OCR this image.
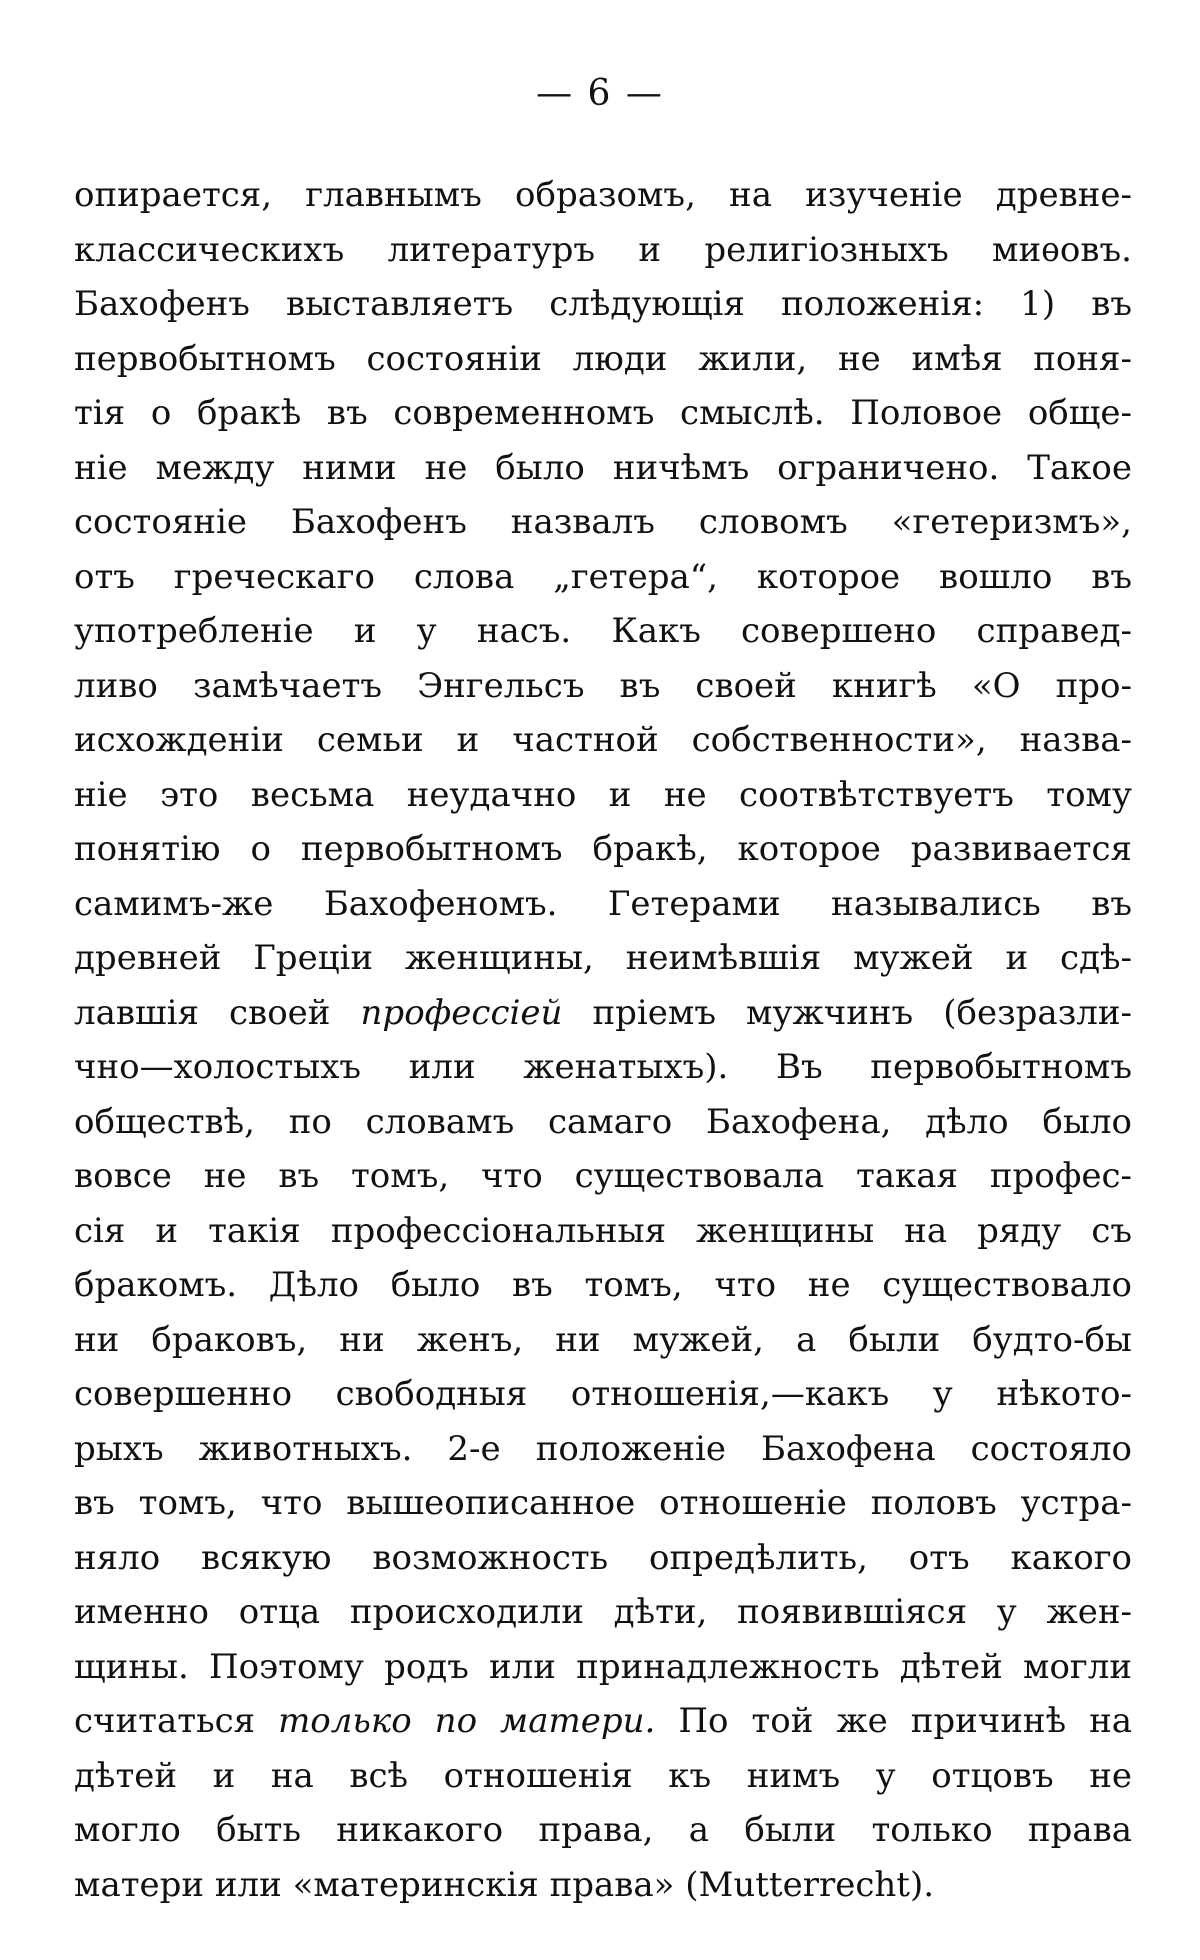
— 6 —
опирается, главнымъ образомъ, на изученіе древне-
классическихъ литературъ и религіозныхъ миѳовъ.
Бахофенъ выставляетъ слѣдующія положенія: 1) въ
первобытномъ состояніи люди жили, не имѣя поня-
тія о бракѣ въ современномъ смыслѣ. Половое обще-
ніе между ними не было ничѣмъ ограничено. Такое
состояніе Бахофенъ назвалъ словомъ «гетеризмъ»,
отъ греческаго слова „гетера“, которое вошло въ
употребленіе и у насъ. Какъ совершено справед-
ливо замѣчаетъ Энгельсъ въ своей книгѣ «О про-
исхожденіи семьи и частной собственности», назва-
ніе это весьма неудачно и не соотвѣтствуетъ тому
понятію о первобытномъ бракѣ, которое развивается
самимъ-же Бахофеномъ. Гетерами назывались въ
древней Греціи женщины, неимѣвшія мужей и сдѣ-
лавшія своей профессіей пріемъ мужчинъ (безразли-
чно—холостыхъ или женатыхъ). Въ первобытномъ
обществѣ, по словамъ самаго Бахофена, дѣло было
вовсе не въ томъ, что существовала такая профес-
сія и такія профессіональныя женщины на ряду съ
бракомъ. Дѣло было въ томъ, что не существовало
ни браковъ, ни женъ, ни мужей, а были будто-бы
совершенно свободныя отношенія,—какъ у нѣкото-
рыхъ животныхъ. 2-е положеніе Бахофена состояло
въ томъ, что вышеописанное отношеніе половъ устра-
няло всякую возможность опредѣлить, отъ какого
именно отца происходили дѣти, появившіяся у жен-
щины. Поэтому родъ или принадлежность дѣтей могли
считаться только по матери. По той же причинѣ на
дѣтей и на всѣ отношенія къ нимъ у отцовъ не
могло быть никакого права, а были только права
матери или «материнскія права» (Mutterrecht).
